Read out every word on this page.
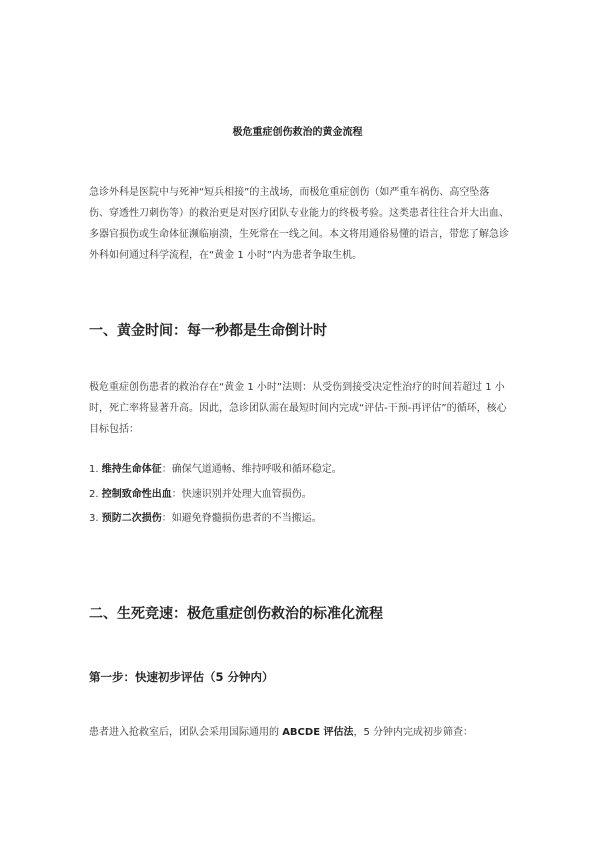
极危重症创伤救治的黄金流程

急诊外科是医院中与死神“短兵相接”的主战场，而极危重症创伤（如严重车祸伤、高空坠落伤、穿透性刀刺伤等）的救治更是对医疗团队专业能力的终极考验。这类患者往往合并大出血、多器官损伤或生命体征濒临崩溃，生死常在一线之间。本文将用通俗易懂的语言，带您了解急诊外科如何通过科学流程，在“黄金 1 小时”内为患者争取生机。

一、黄金时间：每一秒都是生命倒计时

极危重症创伤患者的救治存在“黄金 1 小时”法则：从受伤到接受决定性治疗的时间若超过 1 小时，死亡率将显著升高。因此，急诊团队需在最短时间内完成“评估-干预-再评估”的循环，核心目标包括：

1. 维持生命体征：确保气道通畅、维持呼吸和循环稳定。
2. 控制致命性出血：快速识别并处理大血管损伤。
3. 预防二次损伤：如避免脊髓损伤患者的不当搬运。
二、生死竞速：极危重症创伤救治的标准化流程
第一步：快速初步评估（5 分钟内）

患者进入抢救室后，团队会采用国际通用的 ABCDE 评估法，5 分钟内完成初步筛查：
